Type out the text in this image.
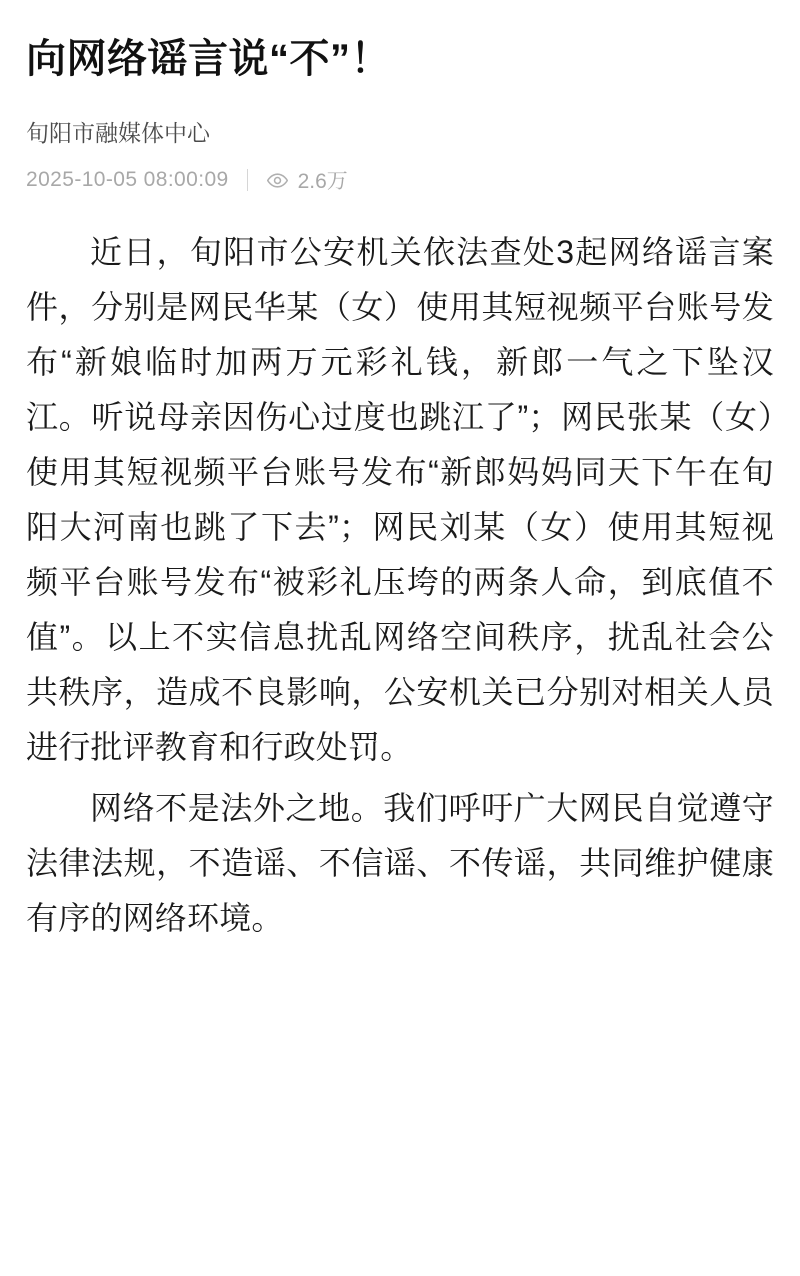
向网络谣言说“不”！
旬阳市融媒体中心
2025-10-05 08:00:09	2.6万

近日，旬阳市公安机关依法查处3起网络谣言案件，分别是网民华某（女）使用其短视频平台账号发布“新娘临时加两万元彩礼钱，新郎一气之下坠汉江。听说母亲因伤心过度也跳江了”；网民张某（女）使用其短视频平台账号发布“新郎妈妈同天下午在旬阳大河南也跳了下去”；网民刘某（女）使用其短视频平台账号发布“被彩礼压垮的两条人命，到底值不值”。以上不实信息扰乱网络空间秩序，扰乱社会公共秩序，造成不良影响，公安机关已分别对相关人员进行批评教育和行政处罚。

网络不是法外之地。我们呼吁广大网民自觉遵守法律法规，不造谣、不信谣、不传谣，共同维护健康有序的网络环境。
